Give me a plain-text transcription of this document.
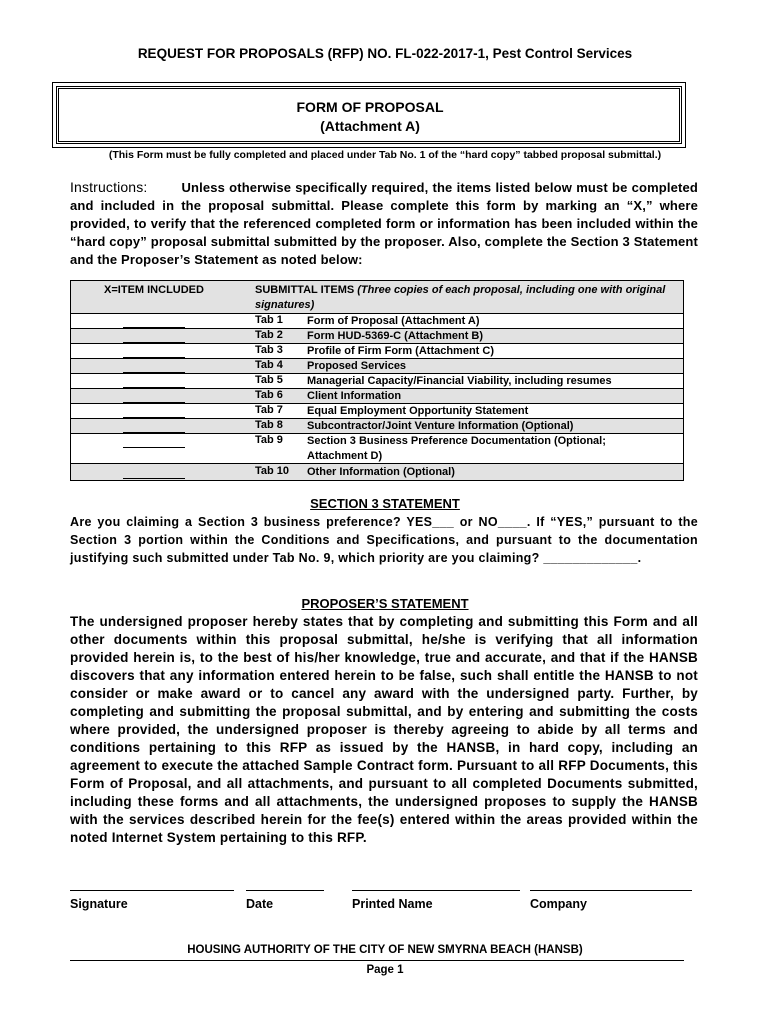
REQUEST FOR PROPOSALS (RFP) NO. FL-022-2017-1, Pest Control Services
FORM OF PROPOSAL
(Attachment A)
(This Form must be fully completed and placed under Tab No. 1 of the “hard copy” tabbed proposal submittal.)
Instructions:	Unless otherwise specifically required, the items listed below must be completed and included in the proposal submittal. Please complete this form by marking an “X,” where provided, to verify that the referenced completed form or information has been included within the “hard copy” proposal submittal submitted by the proposer. Also, complete the Section 3 Statement and the Proposer’s Statement as noted below:
X=ITEM INCLUDED	SUBMITTAL ITEMS (Three copies of each proposal, including one with original signatures)
Tab 1	Form of Proposal (Attachment A)
Tab 2	Form HUD-5369-C (Attachment B)
Tab 3	Profile of Firm Form (Attachment C)
Tab 4	Proposed Services
Tab 5	Managerial Capacity/Financial Viability, including resumes
Tab 6	Client Information
Tab 7	Equal Employment Opportunity Statement
Tab 8	Subcontractor/Joint Venture Information (Optional)
Tab 9	Section 3 Business Preference Documentation (Optional;
Attachment D)
Tab 10	Other Information (Optional)
SECTION 3 STATEMENT
Are you claiming a Section 3 business preference? YES___ or NO____. If “YES,” pursuant to the Section 3 portion within the Conditions and Specifications, and pursuant to the documentation justifying such submitted under Tab No. 9, which priority are you claiming? _____________.
PROPOSER’S STATEMENT
The undersigned proposer hereby states that by completing and submitting this Form and all other documents within this proposal submittal, he/she is verifying that all information provided herein is, to the best of his/her knowledge, true and accurate, and that if the HANSB discovers that any information entered herein to be false, such shall entitle the HANSB to not consider or make award or to cancel any award with the undersigned party. Further, by completing and submitting the proposal submittal, and by entering and submitting the costs where provided, the undersigned proposer is thereby agreeing to abide by all terms and conditions pertaining to this RFP as issued by the HANSB, in hard copy, including an agreement to execute the attached Sample Contract form. Pursuant to all RFP Documents, this Form of Proposal, and all attachments, and pursuant to all completed Documents submitted, including these forms and all attachments, the undersigned proposes to supply the HANSB with the services described herein for the fee(s) entered within the areas provided within the noted Internet System pertaining to this RFP.
Signature	Date	Printed Name	Company
HOUSING AUTHORITY OF THE CITY OF NEW SMYRNA BEACH (HANSB)
Page 1
